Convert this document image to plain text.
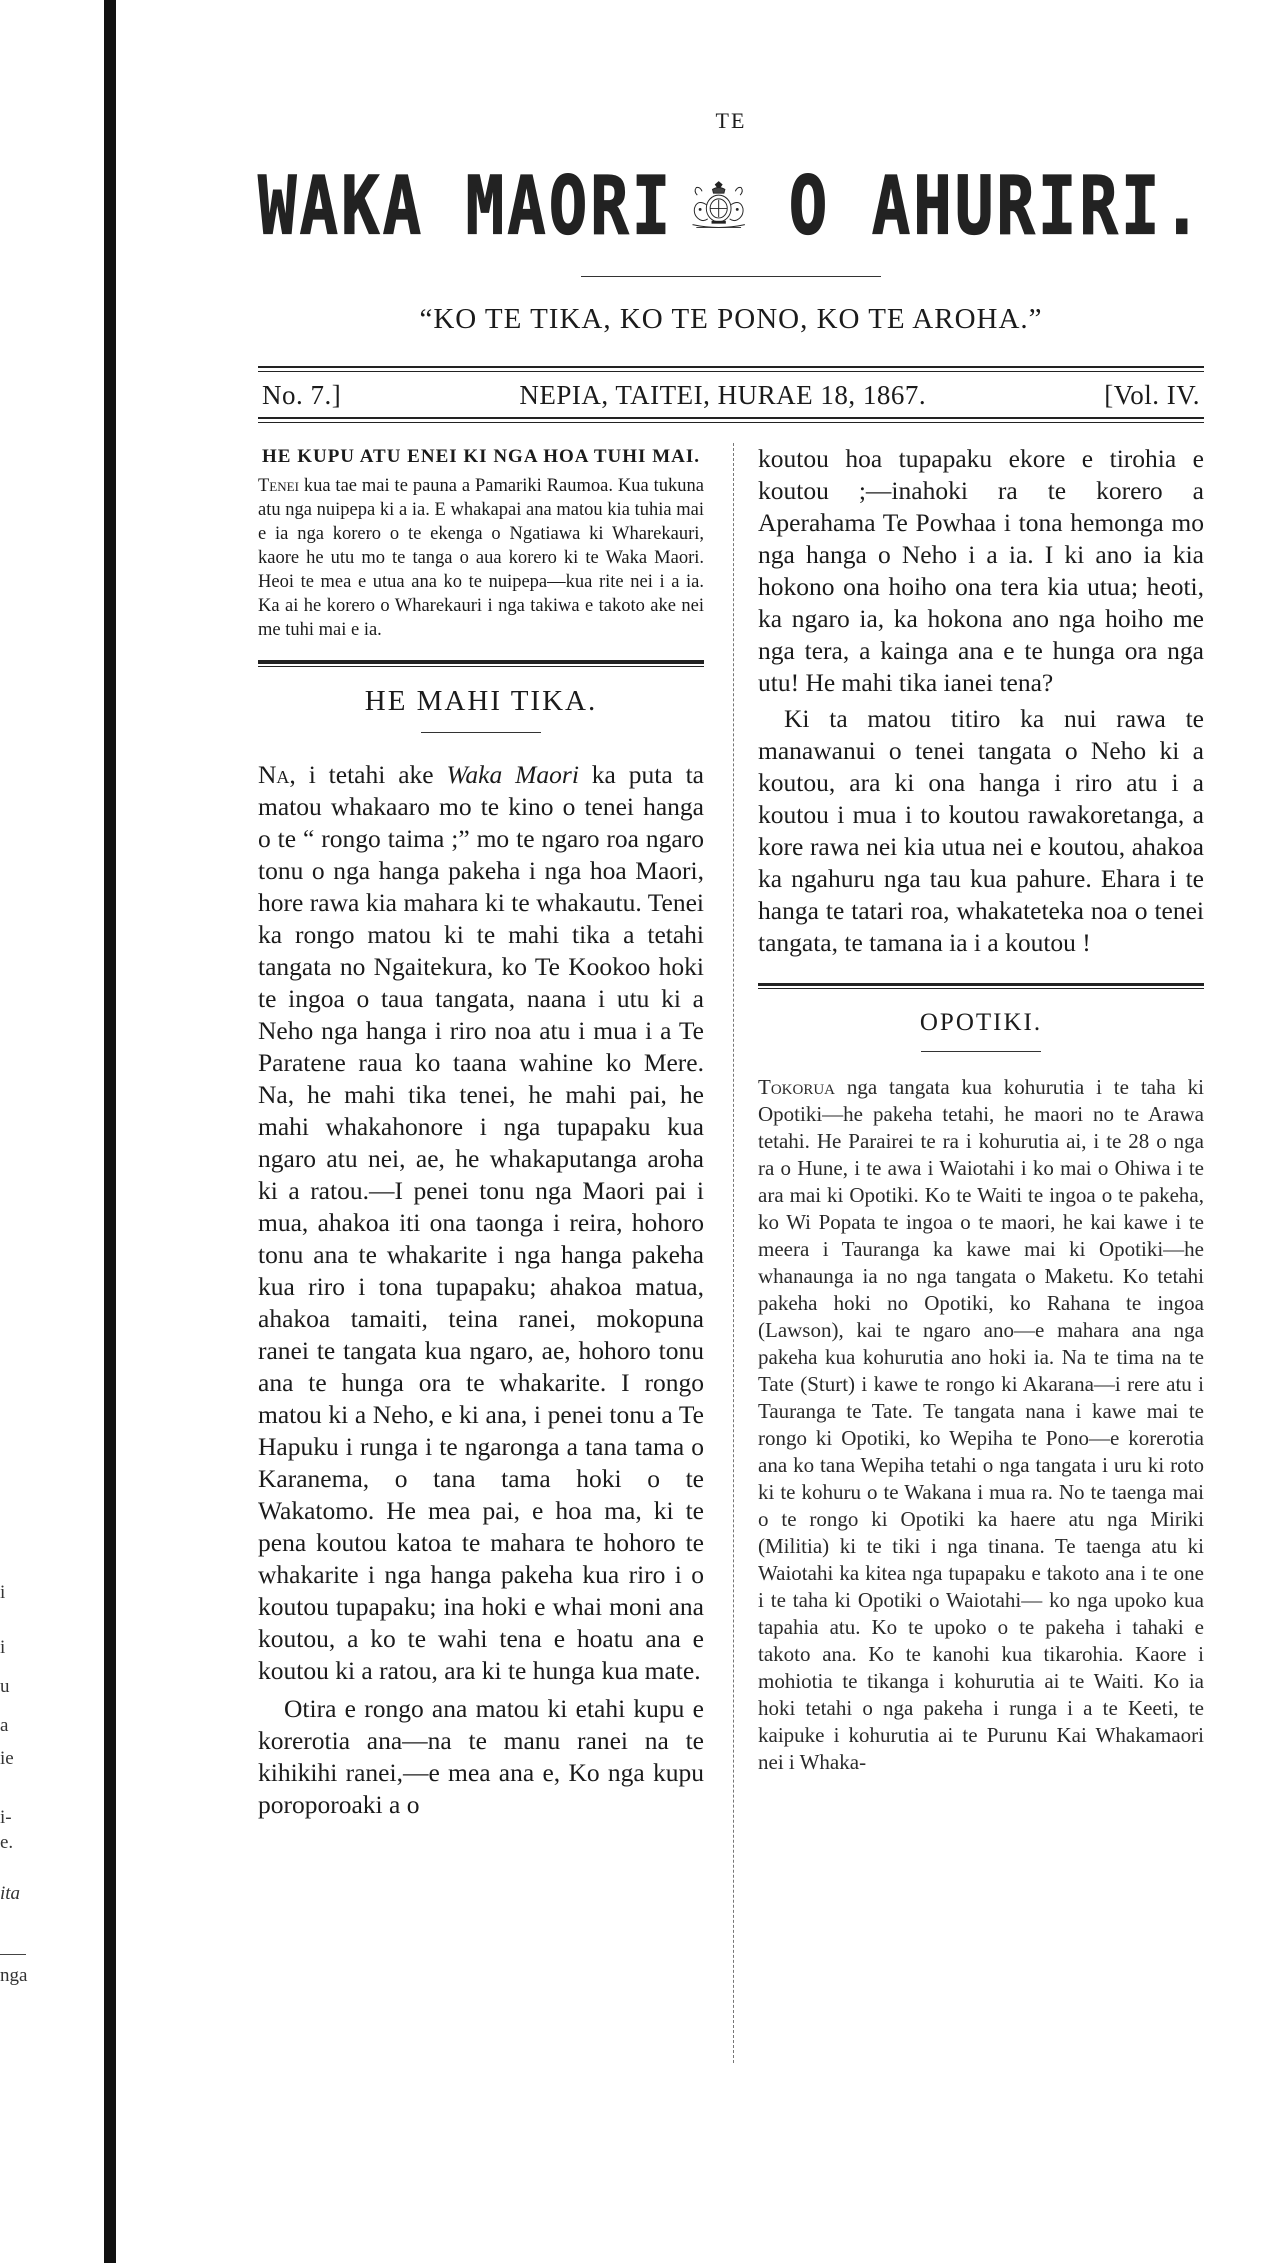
i
i
u
a
ie
i-
e.
ita
nga
TE
WAKA MAORI O AHURIRI.
“KO TE TIKA, KO TE PONO, KO TE AROHA.”
No. 7.]	NEPIA, TAITEI, HURAE 18, 1867.	[Vol. IV.
HE KUPU ATU ENEI KI NGA HOA TUHI MAI.
Tenei kua tae mai te pauna a Pamariki Raumoa. Kua tukuna atu nga nuipepa ki a ia. E whakapai ana matou kia tuhia mai e ia nga korero o te ekenga o Ngatiawa ki Wharekauri, kaore he utu mo te tanga o aua korero ki te Waka Maori. Heoi te mea e utua ana ko te nuipepa—kua rite nei i a ia. Ka ai he korero o Wharekauri i nga takiwa e takoto ake nei me tuhi mai e ia.
HE MAHI TIKA.

Na, i tetahi ake Waka Maori ka puta ta matou whakaaro mo te kino o tenei hanga o te “ rongo taima ;” mo te ngaro roa ngaro tonu o nga hanga pakeha i nga hoa Maori, hore rawa kia mahara ki te whakautu. Tenei ka rongo matou ki te mahi tika a tetahi tangata no Ngaitekura, ko Te Kookoo hoki te ingoa o taua tangata, naana i utu ki a Neho nga hanga i riro noa atu i mua i a Te Paratene raua ko taana wahine ko Mere. Na, he mahi tika tenei, he mahi pai, he mahi whakahonore i nga tupapaku kua ngaro atu nei, ae, he whakaputanga aroha ki a ratou.—I penei tonu nga Maori pai i mua, ahakoa iti ona taonga i reira, hohoro tonu ana te whakarite i nga hanga pakeha kua riro i tona tupapaku; ahakoa matua, ahakoa tamaiti, teina ranei, mokopuna ranei te tangata kua ngaro, ae, hohoro tonu ana te hunga ora te whakarite. I rongo matou ki a Neho, e ki ana, i penei tonu a Te Hapuku i runga i te ngaronga a tana tama o Karanema, o tana tama hoki o te Wakatomo. He mea pai, e hoa ma, ki te pena koutou katoa te mahara te hohoro te whakarite i nga hanga pakeha kua riro i o koutou tupapaku; ina hoki e whai moni ana koutou, a ko te wahi tena e hoatu ana e koutou ki a ratou, ara ki te hunga kua mate.

Otira e rongo ana matou ki etahi kupu e korerotia ana—na te manu ranei na te kihikihi ranei,—e mea ana e, Ko nga kupu poroporoaki a o

koutou hoa tupapaku ekore e tirohia e koutou ;—inahoki ra te korero a Aperahama Te Powhaa i tona hemonga mo nga hanga o Neho i a ia. I ki ano ia kia hokono ona hoiho ona tera kia utua; heoti, ka ngaro ia, ka hokona ano nga hoiho me nga tera, a kainga ana e te hunga ora nga utu! He mahi tika ianei tena?

Ki ta matou titiro ka nui rawa te manawanui o tenei tangata o Neho ki a koutou, ara ki ona hanga i riro atu i a koutou i mua i to koutou rawakoretanga, a kore rawa nei kia utua nei e koutou, ahakoa ka ngahuru nga tau kua pahure. Ehara i te hanga te tatari roa, whakateteka noa o tenei tangata, te tamana ia i a koutou !

OPOTIKI.

Tokorua nga tangata kua kohurutia i te taha ki Opotiki—he pakeha tetahi, he maori no te Arawa tetahi. He Parairei te ra i kohurutia ai, i te 28 o nga ra o Hune, i te awa i Waiotahi i ko mai o Ohiwa i te ara mai ki Opotiki. Ko te Waiti te ingoa o te pakeha, ko Wi Popata te ingoa o te maori, he kai kawe i te meera i Tauranga ka kawe mai ki Opotiki—he whanaunga ia no nga tangata o Maketu. Ko tetahi pakeha hoki no Opotiki, ko Rahana te ingoa (Lawson), kai te ngaro ano—e mahara ana nga pakeha kua kohurutia ano hoki ia. Na te tima na te Tate (Sturt) i kawe te rongo ki Akarana—i rere atu i Tauranga te Tate. Te tangata nana i kawe mai te rongo ki Opotiki, ko Wepiha te Pono—e korerotia ana ko tana Wepiha tetahi o nga tangata i uru ki roto ki te kohuru o te Wakana i mua ra. No te taenga mai o te rongo ki Opotiki ka haere atu nga Miriki (Militia) ki te tiki i nga tinana. Te taenga atu ki Waiotahi ka kitea nga tupapaku e takoto ana i te one i te taha ki Opotiki o Waiotahi— ko nga upoko kua tapahia atu. Ko te upoko o te pakeha i tahaki e takoto ana. Ko te kanohi kua tikarohia. Kaore i mohiotia te tikanga i kohurutia ai te Waiti. Ko ia hoki tetahi o nga pakeha i runga i a te Keeti, te kaipuke i kohurutia ai te Purunu Kai Whakamaori nei i Whaka-
